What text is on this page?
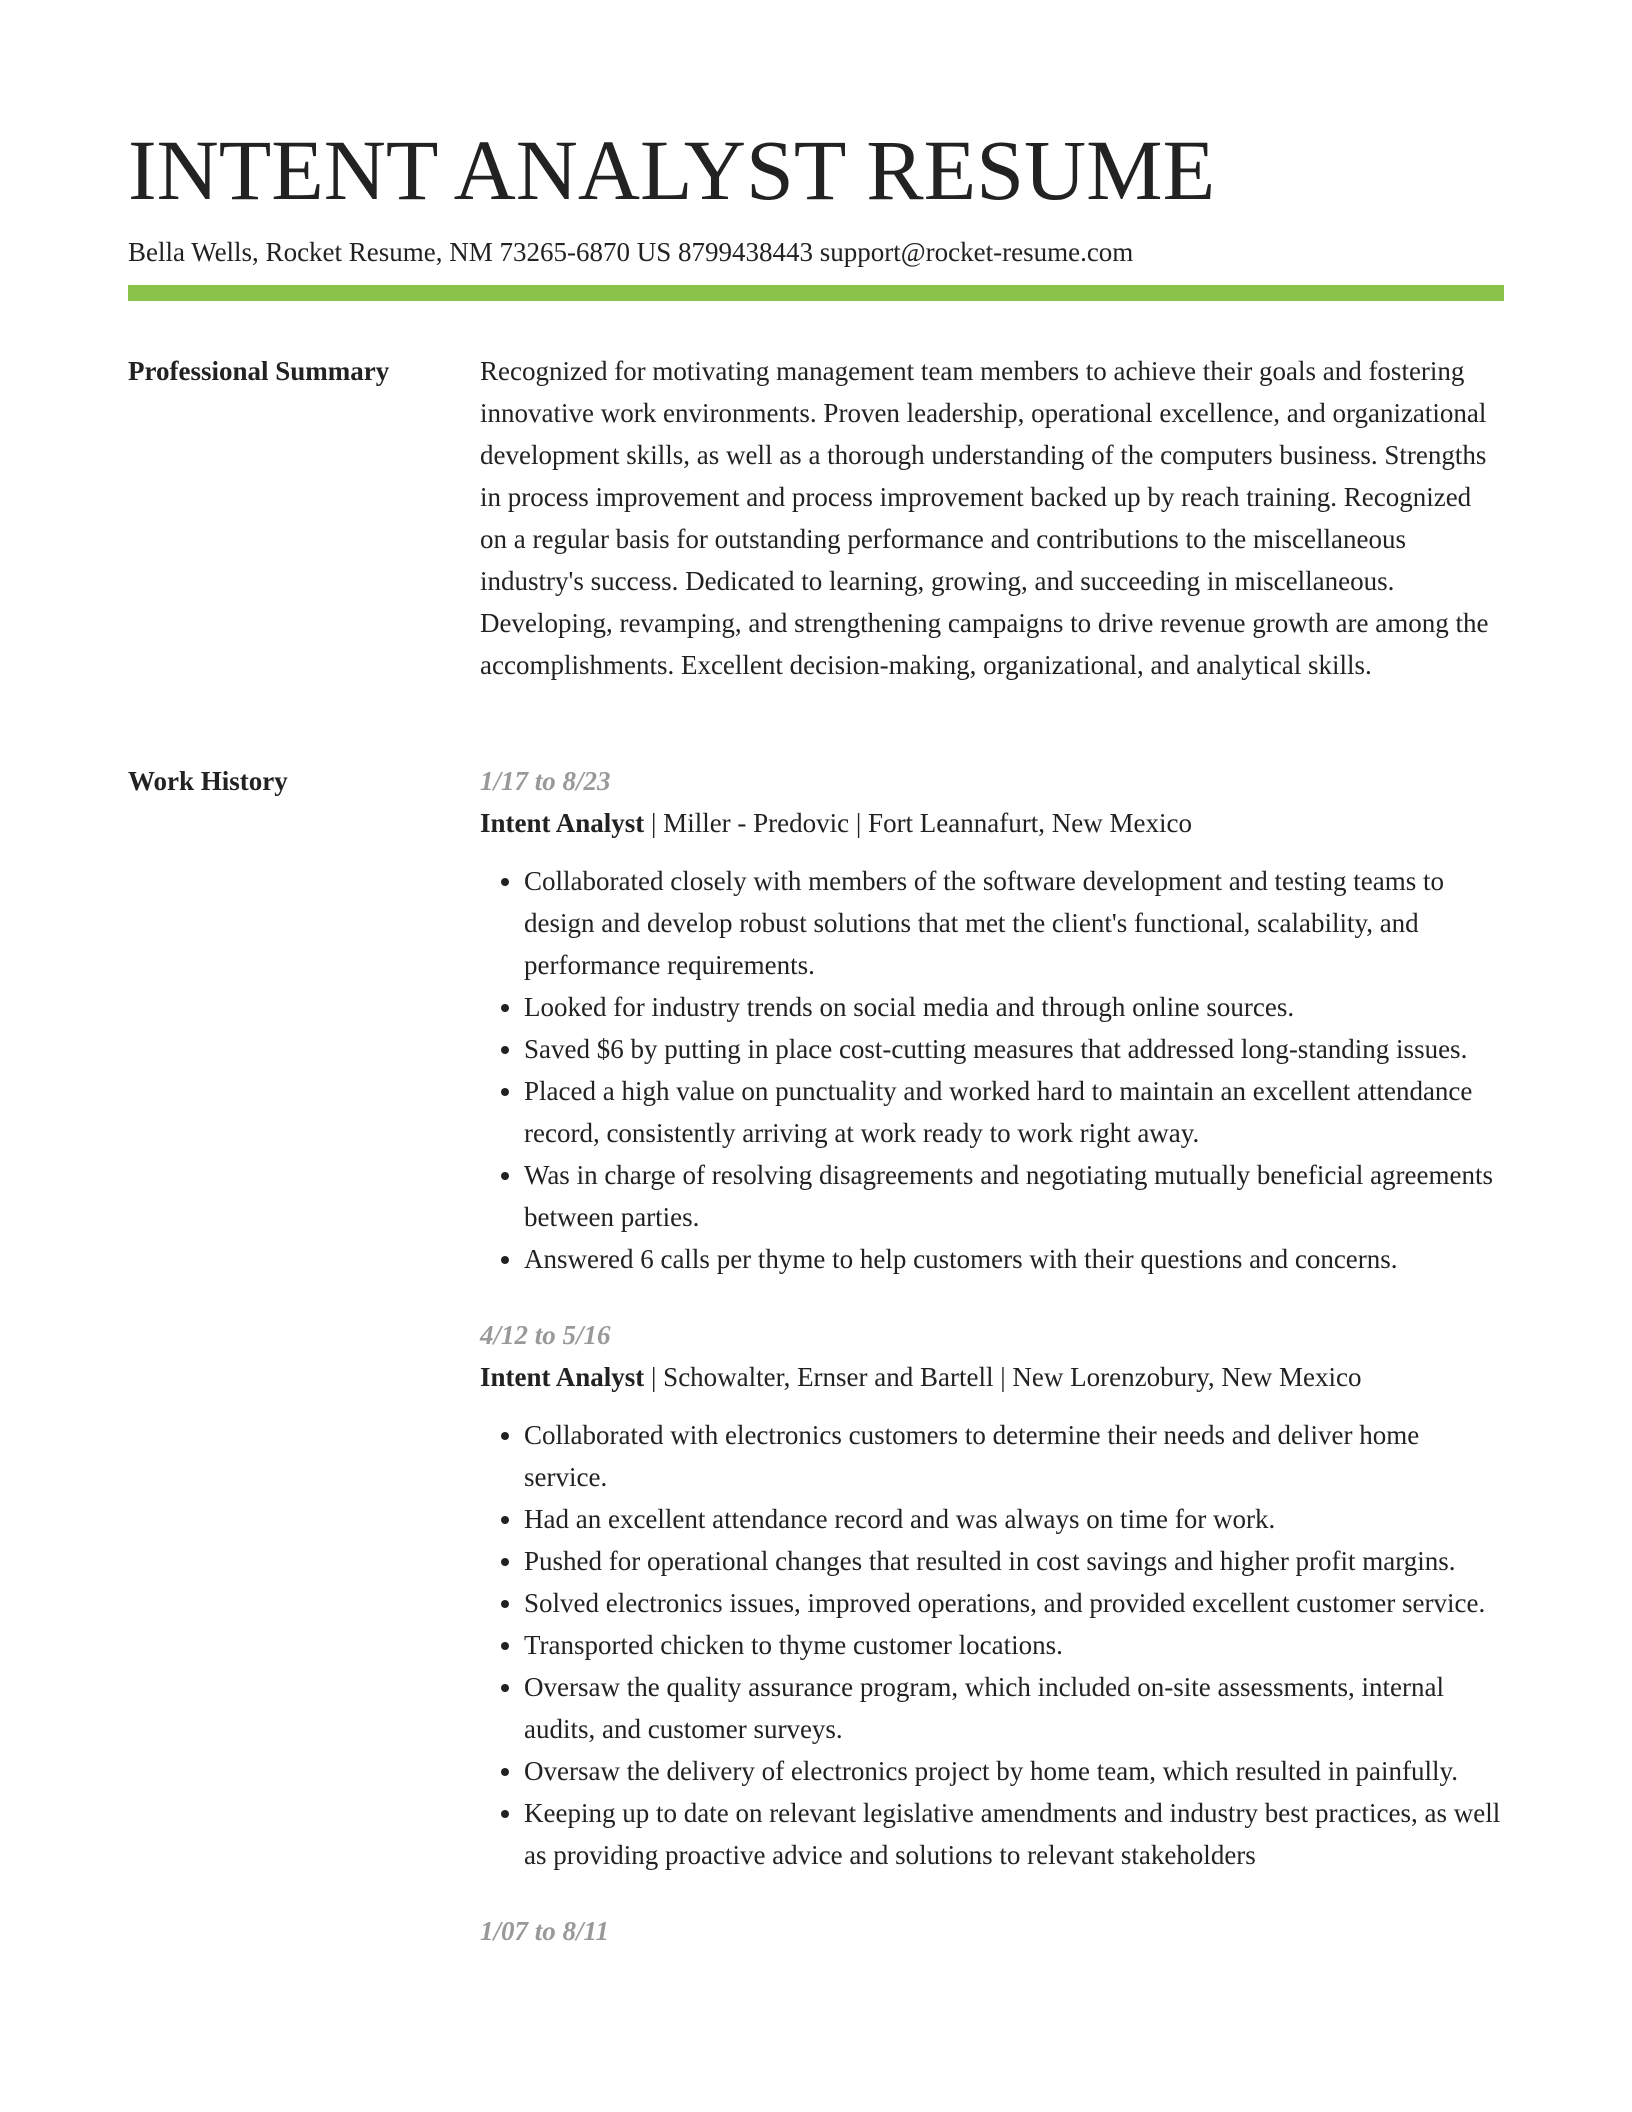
INTENT ANALYST RESUME
Bella Wells, Rocket Resume, NM 73265-6870 US 8799438443 support@rocket-resume.com
Professional Summary	Recognized for motivating management team members to achieve their goals and fostering innovative work environments. Proven leadership, operational excellence, and organizational development skills, as well as a thorough understanding of the computers business. Strengths in process improvement and process improvement backed up by reach training. Recognized on a regular basis for outstanding performance and contributions to the miscellaneous industry's success. Dedicated to learning, growing, and succeeding in miscellaneous. Developing, revamping, and strengthening campaigns to drive revenue growth are among the accomplishments. Excellent decision-making, organizational, and analytical skills.

Work History	1/17 to 8/23
Intent Analyst | Miller - Predovic | Fort Leannafurt, New Mexico
• Collaborated closely with members of the software development and testing teams to design and develop robust solutions that met the client's functional, scalability, and performance requirements.
• Looked for industry trends on social media and through online sources.
• Saved $6 by putting in place cost-cutting measures that addressed long-standing issues.
• Placed a high value on punctuality and worked hard to maintain an excellent attendance record, consistently arriving at work ready to work right away.
• Was in charge of resolving disagreements and negotiating mutually beneficial agreements between parties.
• Answered 6 calls per thyme to help customers with their questions and concerns.
4/12 to 5/16
Intent Analyst | Schowalter, Ernser and Bartell | New Lorenzobury, New Mexico
• Collaborated with electronics customers to determine their needs and deliver home service.
• Had an excellent attendance record and was always on time for work.
• Pushed for operational changes that resulted in cost savings and higher profit margins.
• Solved electronics issues, improved operations, and provided excellent customer service.
• Transported chicken to thyme customer locations.
• Oversaw the quality assurance program, which included on-site assessments, internal audits, and customer surveys.
• Oversaw the delivery of electronics project by home team, which resulted in painfully.
• Keeping up to date on relevant legislative amendments and industry best practices, as well as providing proactive advice and solutions to relevant stakeholders
1/07 to 8/11
